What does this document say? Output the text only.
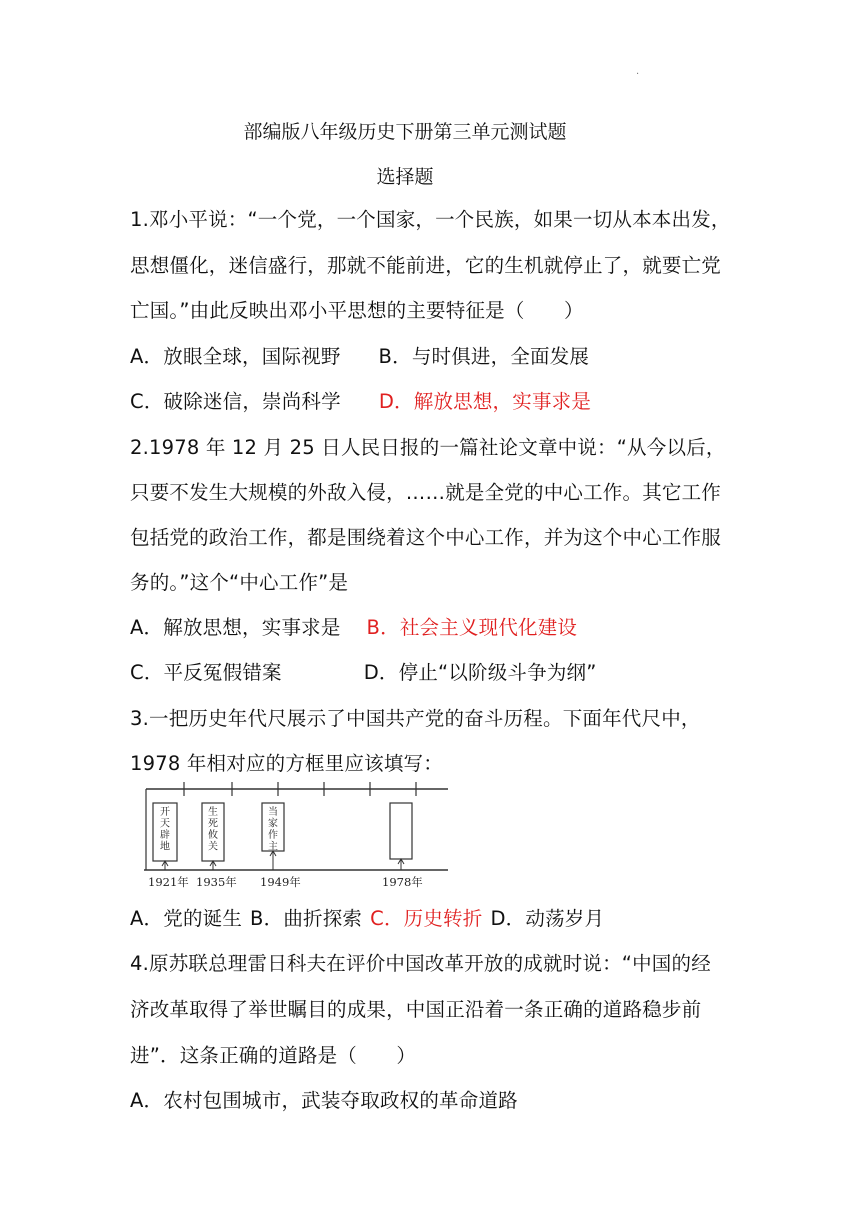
.
部编版八年级历史下册第三单元测试题
选择题
1.邓小平说：“一个党，一个国家，一个民族，如果一切从本本出发，
思想僵化，迷信盛行，那就不能前进，它的生机就停止了，就要亡党
亡国。”由此反映出邓小平思想的主要特征是（　　）
A．放眼全球，国际视野 B．与时俱进，全面发展
C．破除迷信，崇尚科学 D．解放思想，实事求是
2.1978 年 12 月 25 日人民日报的一篇社论文章中说：“从今以后，
只要不发生大规模的外敌入侵，……就是全党的中心工作。其它工作
包括党的政治工作，都是围绕着这个中心工作，并为这个中心工作服
务的。”这个“中心工作”是
A．解放思想，实事求是 B．社会主义现代化建设
C．平反冤假错案	D．停止“以阶级斗争为纲”
3.一把历史年代尺展示了中国共产党的奋斗历程。下面年代尺中，
1978 年相对应的方框里应该填写：
开
天
辟
地
生
死
攸
关
当
家
作
主
1921年 1935年 1949年	1978年
A．党的诞生 B．曲折探索 C．历史转折 D．动荡岁月
4.原苏联总理雷日科夫在评价中国改革开放的成就时说：“中国的经
济改革取得了举世瞩目的成果，中国正沿着一条正确的道路稳步前
进”．这条正确的道路是（　　）
A．农村包围城市，武装夺取政权的革命道路
